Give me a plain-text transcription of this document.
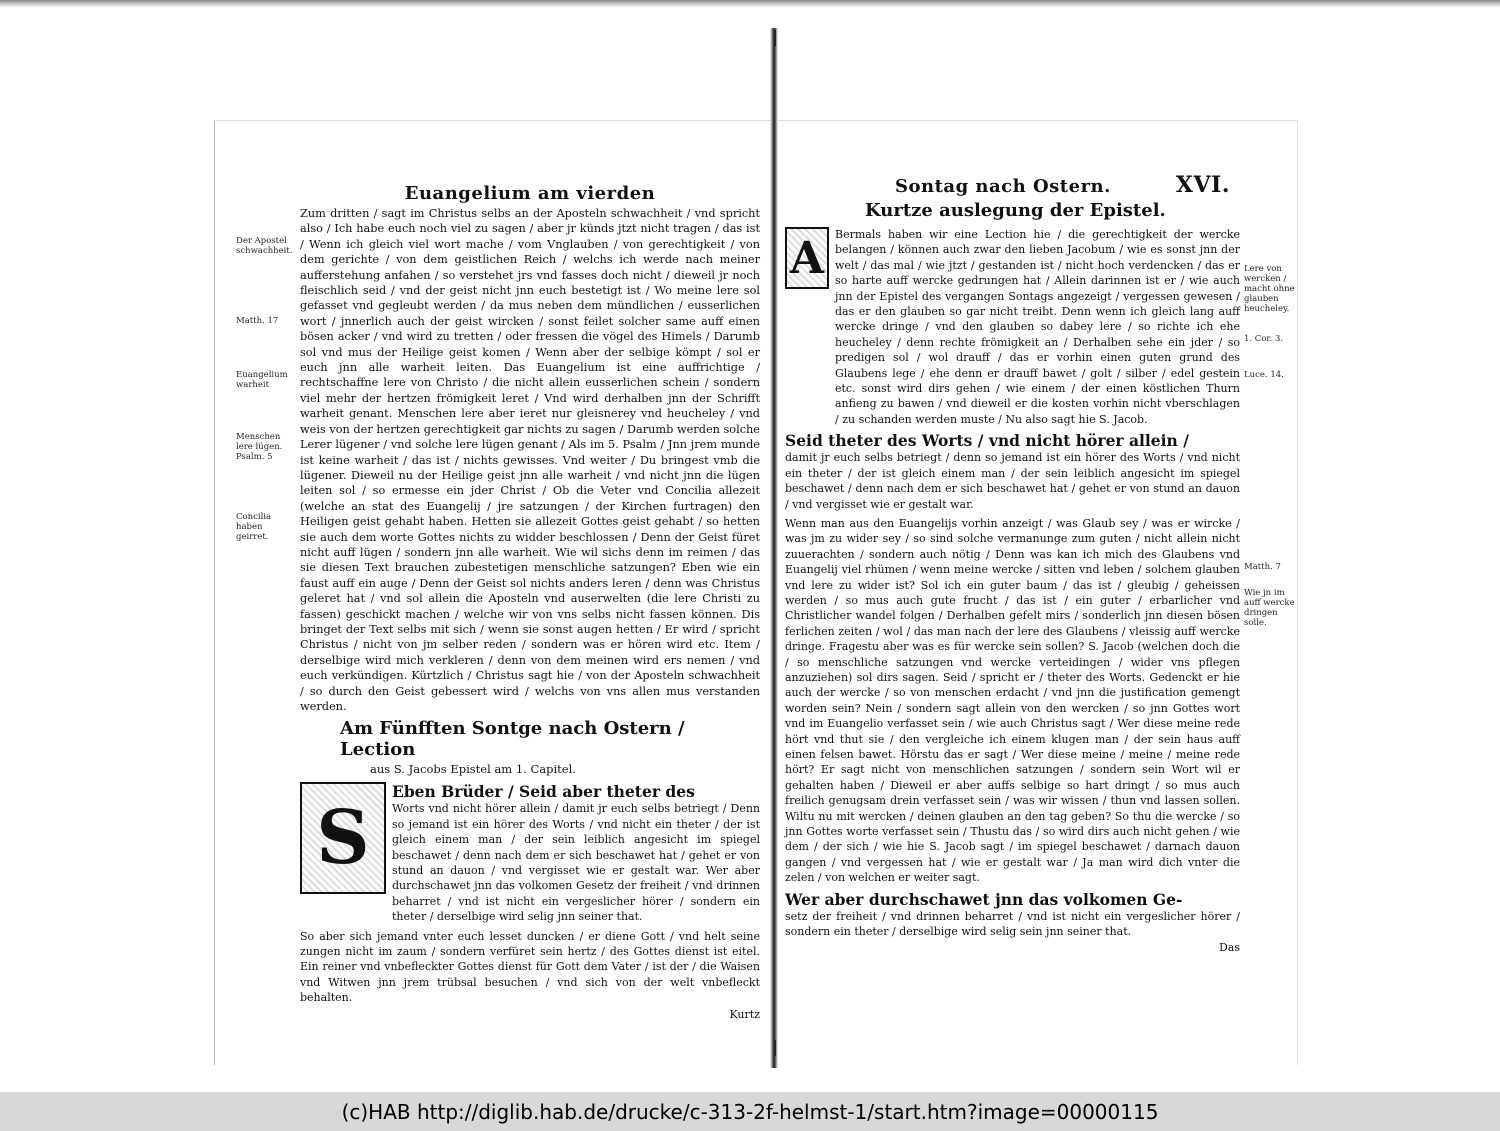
Euangelium am vierden

Zum dritten / sagt im Christus selbs an der Aposteln schwachheit / vnd spricht also / Ich habe euch noch viel zu sagen / aber jr künds jtzt nicht tragen / das ist / Wenn ich gleich viel wort mache / vom Vnglauben / von gerechtigkeit / von dem gerichte / von dem geistlichen Reich / welchs ich werde nach meiner aufferstehung anfahen / so verstehet jrs vnd fasses doch nicht / dieweil jr noch fleischlich seid / vnd der geist nicht jnn euch bestetigt ist / Wo meine lere sol gefasset vnd gegleubt werden / da mus neben dem mündlichen / eusserlichen wort / jnnerlich auch der geist wircken / sonst feilet solcher same auff einen bösen acker / vnd wird zu tretten / oder fressen die vögel des Himels / Darumb sol vnd mus der Heilige geist komen / Wenn aber der selbige kömpt / sol er euch jnn alle warheit leiten. Das Euangelium ist eine auffrichtige / rechtschaffne lere von Christo / die nicht allein eusserlichen schein / sondern viel mehr der hertzen frömigkeit leret / Vnd wird derhalben jnn der Schrifft warheit genant. Menschen lere aber ieret nur gleisnerey vnd heucheley / vnd weis von der hertzen gerechtigkeit gar nichts zu sagen / Darumb werden solche Lerer lügener / vnd solche lere lügen genant / Als im 5. Psalm / Jnn jrem munde ist keine warheit / das ist / nichts gewisses. Vnd weiter / Du bringest vmb die lügener. Dieweil nu der Heilige geist jnn alle warheit / vnd nicht jnn die lügen leiten sol / so ermesse ein jder Christ / Ob die Veter vnd Concilia allezeit (welche an stat des Euangelij / jre satzungen / der Kirchen furtragen) den Heiligen geist gehabt haben. Hetten sie allezeit Gottes geist gehabt / so hetten sie auch dem worte Gottes nichts zu widder beschlossen / Denn der Geist füret nicht auff lügen / sondern jnn alle warheit. Wie wil sichs denn im reimen / das sie diesen Text brauchen zubestetigen menschliche satzungen? Eben wie ein faust auff ein auge / Denn der Geist sol nichts anders leren / denn was Christus geleret hat / vnd sol allein die Aposteln vnd auserwelten (die lere Christi zu fassen) geschickt machen / welche wir von vns selbs nicht fassen können. Dis bringet der Text selbs mit sich / wenn sie sonst augen hetten / Er wird / spricht Christus / nicht von jm selber reden / sondern was er hören wird etc. Item / derselbige wird mich verkleren / denn von dem meinen wird ers nemen / vnd euch verkündigen. Kürtzlich / Christus sagt hie / von der Aposteln schwachheit / so durch den Geist gebessert wird / welchs von vns allen mus verstanden werden.

Am Fünfften Sontge nach Ostern / Lection
aus S. Jacobs Epistel am 1. Capitel.
S

Eben Brüder / Seid aber theter des

Worts vnd nicht hörer allein / damit jr euch selbs betriegt / Denn so jemand ist ein hörer des Worts / vnd nicht ein theter / der ist gleich einem man / der sein leiblich angesicht im spiegel beschawet / denn nach dem er sich beschawet hat / gehet er von stund an dauon / vnd vergisset wie er gestalt war. Wer aber durchschawet jnn das volkomen Gesetz der freiheit / vnd drinnen beharret / vnd ist nicht ein vergeslicher hörer / sondern ein theter / derselbige wird selig jnn seiner that.

So aber sich jemand vnter euch lesset duncken / er diene Gott / vnd helt seine zungen nicht im zaum / sondern verfüret sein hertz / des Gottes dienst ist eitel. Ein reiner vnd vnbefleckter Gottes dienst für Gott dem Vater / ist der / die Waisen vnd Witwen jnn jrem trübsal besuchen / vnd sich von der welt vnbefleckt behalten.

Kurtz
Der Apostel schwachheit.
Matth. 17
Euangelium warheit
Menschen lere lügen. Psalm. 5
Concilia haben geirret.
Sontag nach Ostern.	XVI.
Kurtze auslegung der Epistel.
A Bermals haben wir eine Lection hie / die gerechtigkeit der wercke belangen / können auch zwar den lieben Jacobum / wie es sonst jnn der welt / das mal / wie jtzt / gestanden ist / nicht hoch verdencken / das er so harte auff wercke gedrungen hat / Allein darinnen ist er / wie auch jnn der Epistel des vergangen Sontags angezeigt / vergessen gewesen / das er den glauben so gar nicht treibt. Denn wenn ich gleich lang auff wercke dringe / vnd den glauben so dabey lere / so richte ich ehe heucheley / denn rechte frömigkeit an / Derhalben sehe ein jder / so predigen sol / wol drauff / das er vorhin einen guten grund des Glaubens lege / ehe denn er drauff bawet / golt / silber / edel gestein etc. sonst wird dirs gehen / wie einem / der einen köstlichen Thurn anfieng zu bawen / vnd dieweil er die kosten vorhin nicht vberschlagen / zu schanden werden muste / Nu also sagt hie S. Jacob.

Seid theter des Worts / vnd nicht hörer allein /

damit jr euch selbs betriegt / denn so jemand ist ein hörer des Worts / vnd nicht ein theter / der ist gleich einem man / der sein leiblich angesicht im spiegel beschawet / denn nach dem er sich beschawet hat / gehet er von stund an dauon / vnd vergisset wie er gestalt war.

Wenn man aus den Euangelijs vorhin anzeigt / was Glaub sey / was er wircke / was jm zu wider sey / so sind solche vermanunge zum guten / nicht allein nicht zuuerachten / sondern auch nötig / Denn was kan ich mich des Glaubens vnd Euangelij viel rhümen / wenn meine wercke / sitten vnd leben / solchem glauben vnd lere zu wider ist? Sol ich ein guter baum / das ist / gleubig / geheissen werden / so mus auch gute frucht / das ist / ein guter / erbarlicher vnd Christlicher wandel folgen / Derhalben gefelt mirs / sonderlich jnn diesen bösen ferlichen zeiten / wol / das man nach der lere des Glaubens / vleissig auff wercke dringe. Fragestu aber was es für wercke sein sollen? S. Jacob (welchen doch die / so menschliche satzungen vnd wercke verteidingen / wider vns pflegen anzuziehen) sol dirs sagen. Seid / spricht er / theter des Worts. Gedenckt er hie auch der wercke / so von menschen erdacht / vnd jnn die justification gemengt worden sein? Nein / sondern sagt allein von den wercken / so jnn Gottes wort vnd im Euangelio verfasset sein / wie auch Christus sagt / Wer diese meine rede hört vnd thut sie / den vergleiche ich einem klugen man / der sein haus auff einen felsen bawet. Hörstu das er sagt / Wer diese meine / meine / meine rede hört? Er sagt nicht von menschlichen satzungen / sondern sein Wort wil er gehalten haben / Dieweil er aber auffs selbige so hart dringt / so mus auch freilich genugsam drein verfasset sein / was wir wissen / thun vnd lassen sollen. Wiltu nu mit wercken / deinen glauben an den tag geben? So thu die wercke / so jnn Gottes worte verfasset sein / Thustu das / so wird dirs auch nicht gehen / wie dem / der sich / wie hie S. Jacob sagt / im spiegel beschawet / darnach dauon gangen / vnd vergessen hat / wie er gestalt war / Ja man wird dich vnter die zelen / von welchen er weiter sagt.

Wer aber durchschawet jnn das volkomen Ge-

setz der freiheit / vnd drinnen beharret / vnd ist nicht ein vergeslicher hörer / sondern ein theter / derselbige wird selig sein jnn seiner that.

Das
Lere von wercken / macht ohne glauben heucheley.
1. Cor. 3.
Luce. 14.
Matth. 7
Wie jn im auff wercke dringen solle.
(c)HAB http://diglib.hab.de/drucke/c-313-2f-helmst-1/start.htm?image=00000115
